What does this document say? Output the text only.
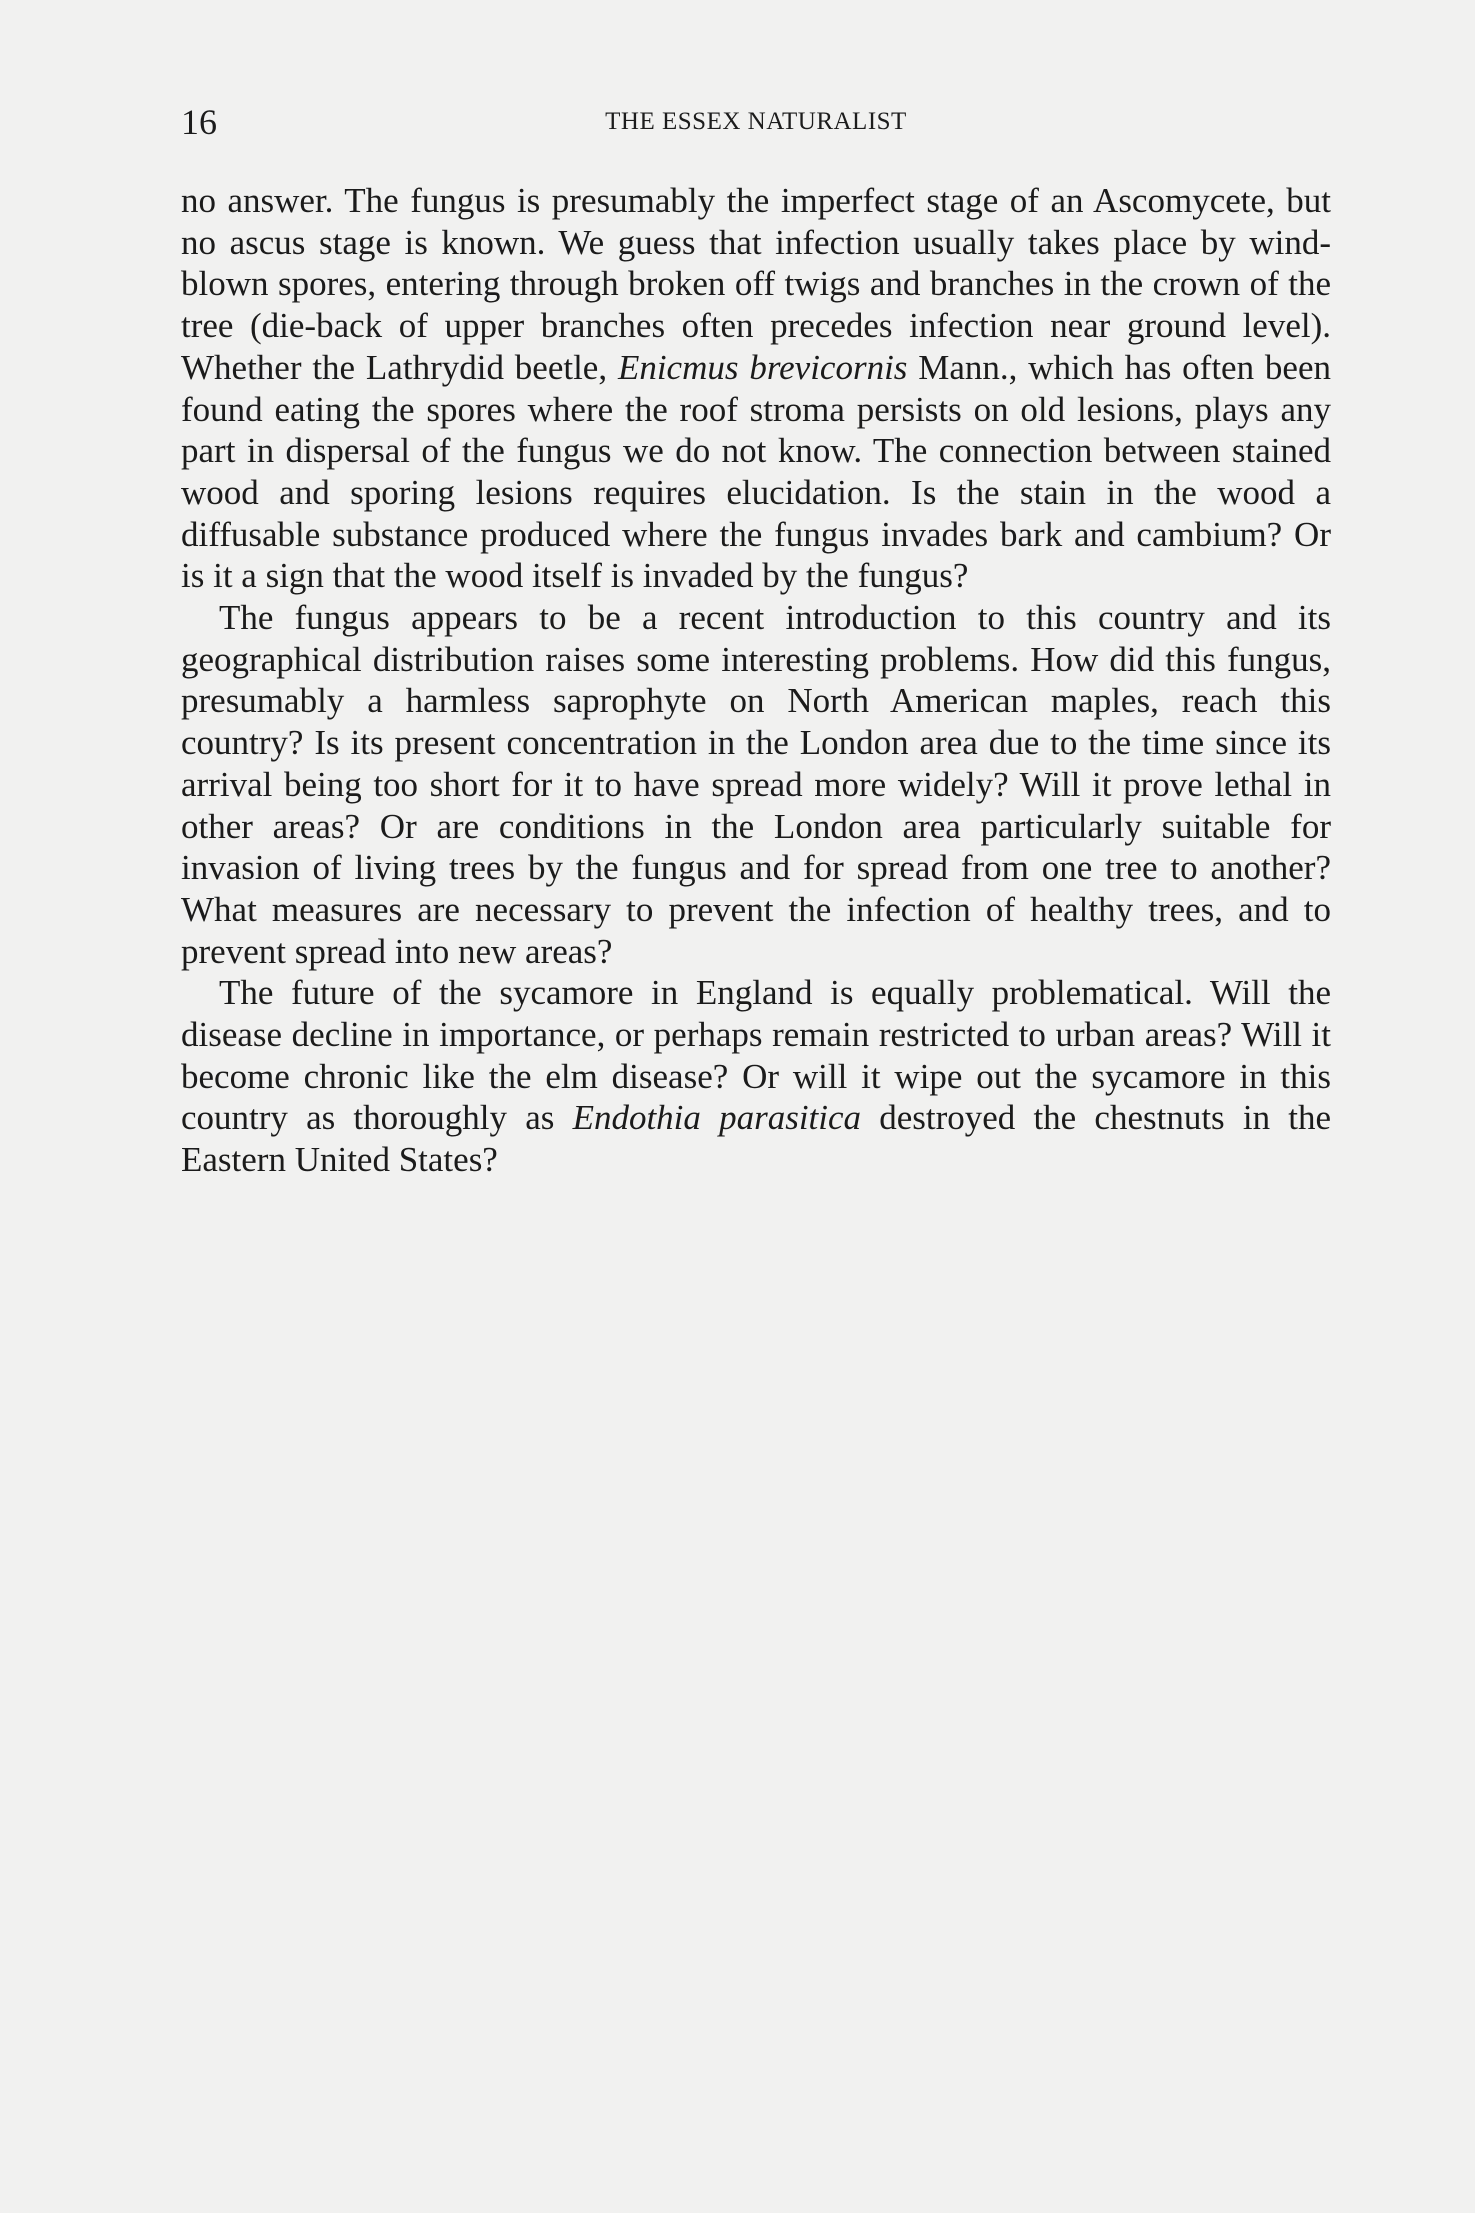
16	THE ESSEX NATURALIST

no answer. The fungus is presumably the imperfect stage of an Ascomycete, but no ascus stage is known. We guess that infection usually takes place by wind-blown spores, entering through broken off twigs and branches in the crown of the tree (die-back of upper branches often precedes infection near ground level). Whether the Lathrydid beetle, Enicmus brevicornis Mann., which has often been found eating the spores where the roof stroma persists on old lesions, plays any part in dispersal of the fungus we do not know. The connection between stained wood and sporing lesions requires elucidation. Is the stain in the wood a diffusable substance produced where the fungus invades bark and cambium? Or is it a sign that the wood itself is invaded by the fungus?

The fungus appears to be a recent introduction to this country and its geographical distribution raises some interesting problems. How did this fungus, presumably a harmless saprophyte on North American maples, reach this country? Is its present concentration in the London area due to the time since its arrival being too short for it to have spread more widely? Will it prove lethal in other areas? Or are conditions in the London area particularly suitable for invasion of living trees by the fungus and for spread from one tree to another? What measures are necessary to prevent the infection of healthy trees, and to prevent spread into new areas?

The future of the sycamore in England is equally problematical. Will the disease decline in importance, or perhaps remain restricted to urban areas? Will it become chronic like the elm disease? Or will it wipe out the sycamore in this country as thoroughly as Endothia parasitica destroyed the chestnuts in the Eastern United States?
